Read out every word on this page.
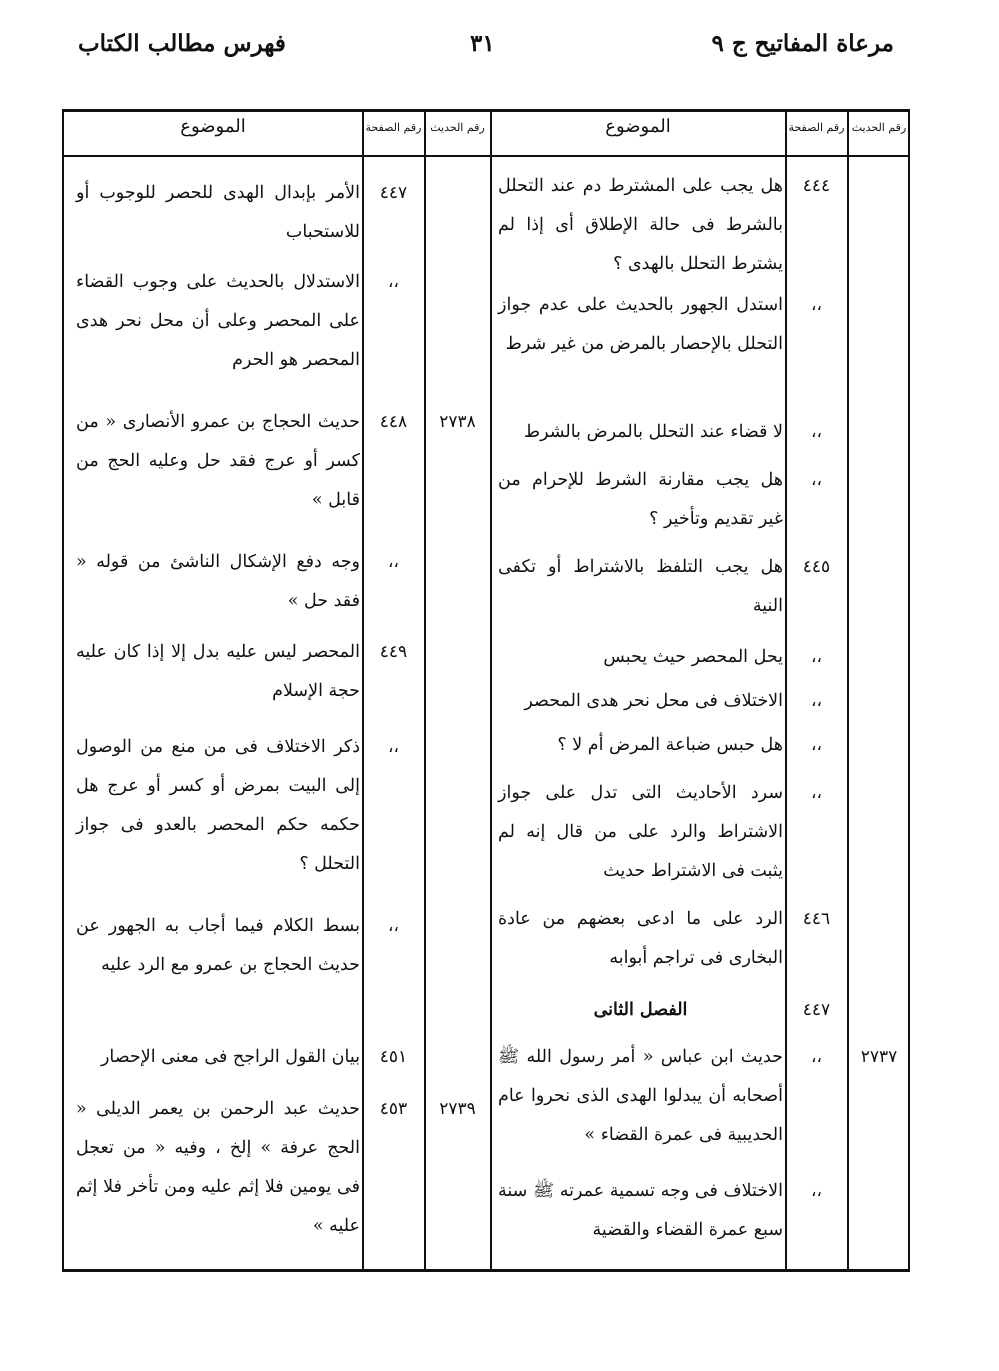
مرعاة المفاتيح ج ٩
٣١
فهرس مطالب الكتاب
رقم الحديث
رقم الصفحة
الموضوع
رقم الحديث
رقم الصفحة
الموضوع
هل يجب على المشترط دم عند التحلل بالشرط فى حالة الإطلاق أى إذا لم يشترط التحلل بالهدى ؟
٤٤٤
استدل الجهور بالحديث على عدم جواز التحلل بالإحصار بالمرض من غير شرط
،،
لا قضاء عند التحلل بالمرض بالشرط	،،
هل يجب مقارنة الشرط للإحرام من غير تقديم وتأخير ؟
،،
هل يجب التلفظ بالاشتراط أو تكفى النية
٤٤٥
يحل المحصر حيث يحبس	،،
الاختلاف فى محل نحر هدى المحصر	،،
هل حبس ضباعة المرض أم لا ؟	،،
سرد الأحاديث التى تدل على جواز الاشتراط والرد على من قال إنه لم يثبت فى الاشتراط حديث
،،
الرد على ما ادعى بعضهم من عادة البخارى فى تراجم أبوابه
٤٤٦
الفصل الثانى	٤٤٧
حديث ابن عباس « أمر رسول الله ﷺ أصحابه أن يبدلوا الهدى الذى نحروا عام الحديبية فى عمرة القضاء »
،،	٢٧٣٧
الاختلاف فى وجه تسمية عمرته ﷺ سنة سبع عمرة القضاء والقضية
،،
الأمر بإبدال الهدى للحصر للوجوب أو للاستحباب
٤٤٧
الاستدلال بالحديث على وجوب القضاء على المحصر وعلى أن محل نحر هدى المحصر هو الحرم
،،
حديث الحجاج بن عمرو الأنصارى « من كسر أو عرج فقد حل وعليه الحج من قابل »
٤٤٨	٢٧٣٨
وجه دفع الإشكال الناشئ من قوله « فقد حل »
،،
المحصر ليس عليه بدل إلا إذا كان عليه حجة الإسلام
٤٤٩
ذكر الاختلاف فى من منع من الوصول إلى البيت بمرض أو كسر أو عرج هل حكمه حكم المحصر بالعدو فى جواز التحلل ؟
،،
بسط الكلام فيما أجاب به الجهور عن حديث الحجاج بن عمرو مع الرد عليه
،،
بيان القول الراجح فى معنى الإحصار	٤٥١
حديث عبد الرحمن بن يعمر الديلى « الحج عرفة » إلخ ، وفيه « من تعجل فى يومين فلا إثم عليه ومن تأخر فلا إثم عليه »
٤٥٣	٢٧٣٩
